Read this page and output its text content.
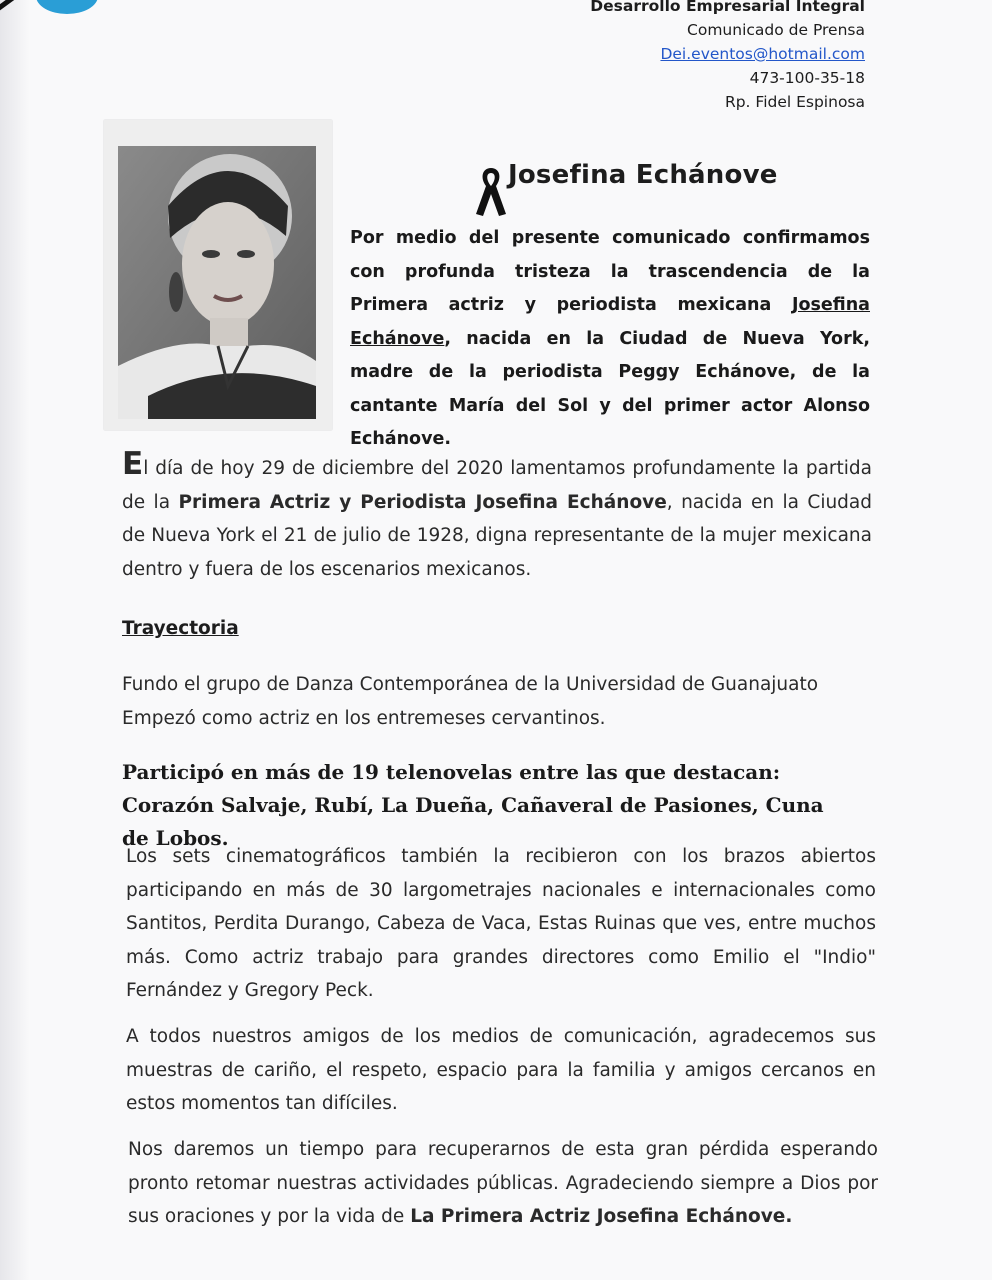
Desarrollo Empresarial Integral
Comunicado de Prensa
Dei.eventos@hotmail.com
473-100-35-18
Rp. Fidel Espinosa
Josefina Echánove
Por medio del presente comunicado confirmamos con profunda tristeza la trascendencia de la Primera actriz y periodista mexicana Josefina Echánove, nacida en la Ciudad de Nueva York, madre de la periodista Peggy Echánove, de la cantante María del Sol y del primer actor Alonso Echánove.
El día de hoy 29 de diciembre del 2020 lamentamos profundamente la partida de la Primera Actriz y Periodista Josefina Echánove, nacida en la Ciudad de Nueva York el 21 de julio de 1928, digna representante de la mujer mexicana dentro y fuera de los escenarios mexicanos.
Trayectoria
Fundo el grupo de Danza Contemporánea de la Universidad de Guanajuato
Empezó como actriz en los entremeses cervantinos.
Participó en más de 19 telenovelas entre las que destacan: Corazón Salvaje, Rubí, La Dueña, Cañaveral de Pasiones, Cuna de Lobos.
Los sets cinematográficos también la recibieron con los brazos abiertos participando en más de 30 largometrajes nacionales e internacionales como Santitos, Perdita Durango, Cabeza de Vaca, Estas Ruinas que ves, entre muchos más. Como actriz trabajo para grandes directores como Emilio el "Indio" Fernández y Gregory Peck.
A todos nuestros amigos de los medios de comunicación, agradecemos sus muestras de cariño, el respeto, espacio para la familia y amigos cercanos en estos momentos tan difíciles.
Nos daremos un tiempo para recuperarnos de esta gran pérdida esperando pronto retomar nuestras actividades públicas. Agradeciendo siempre a Dios por sus oraciones y por la vida de La Primera Actriz Josefina Echánove.
